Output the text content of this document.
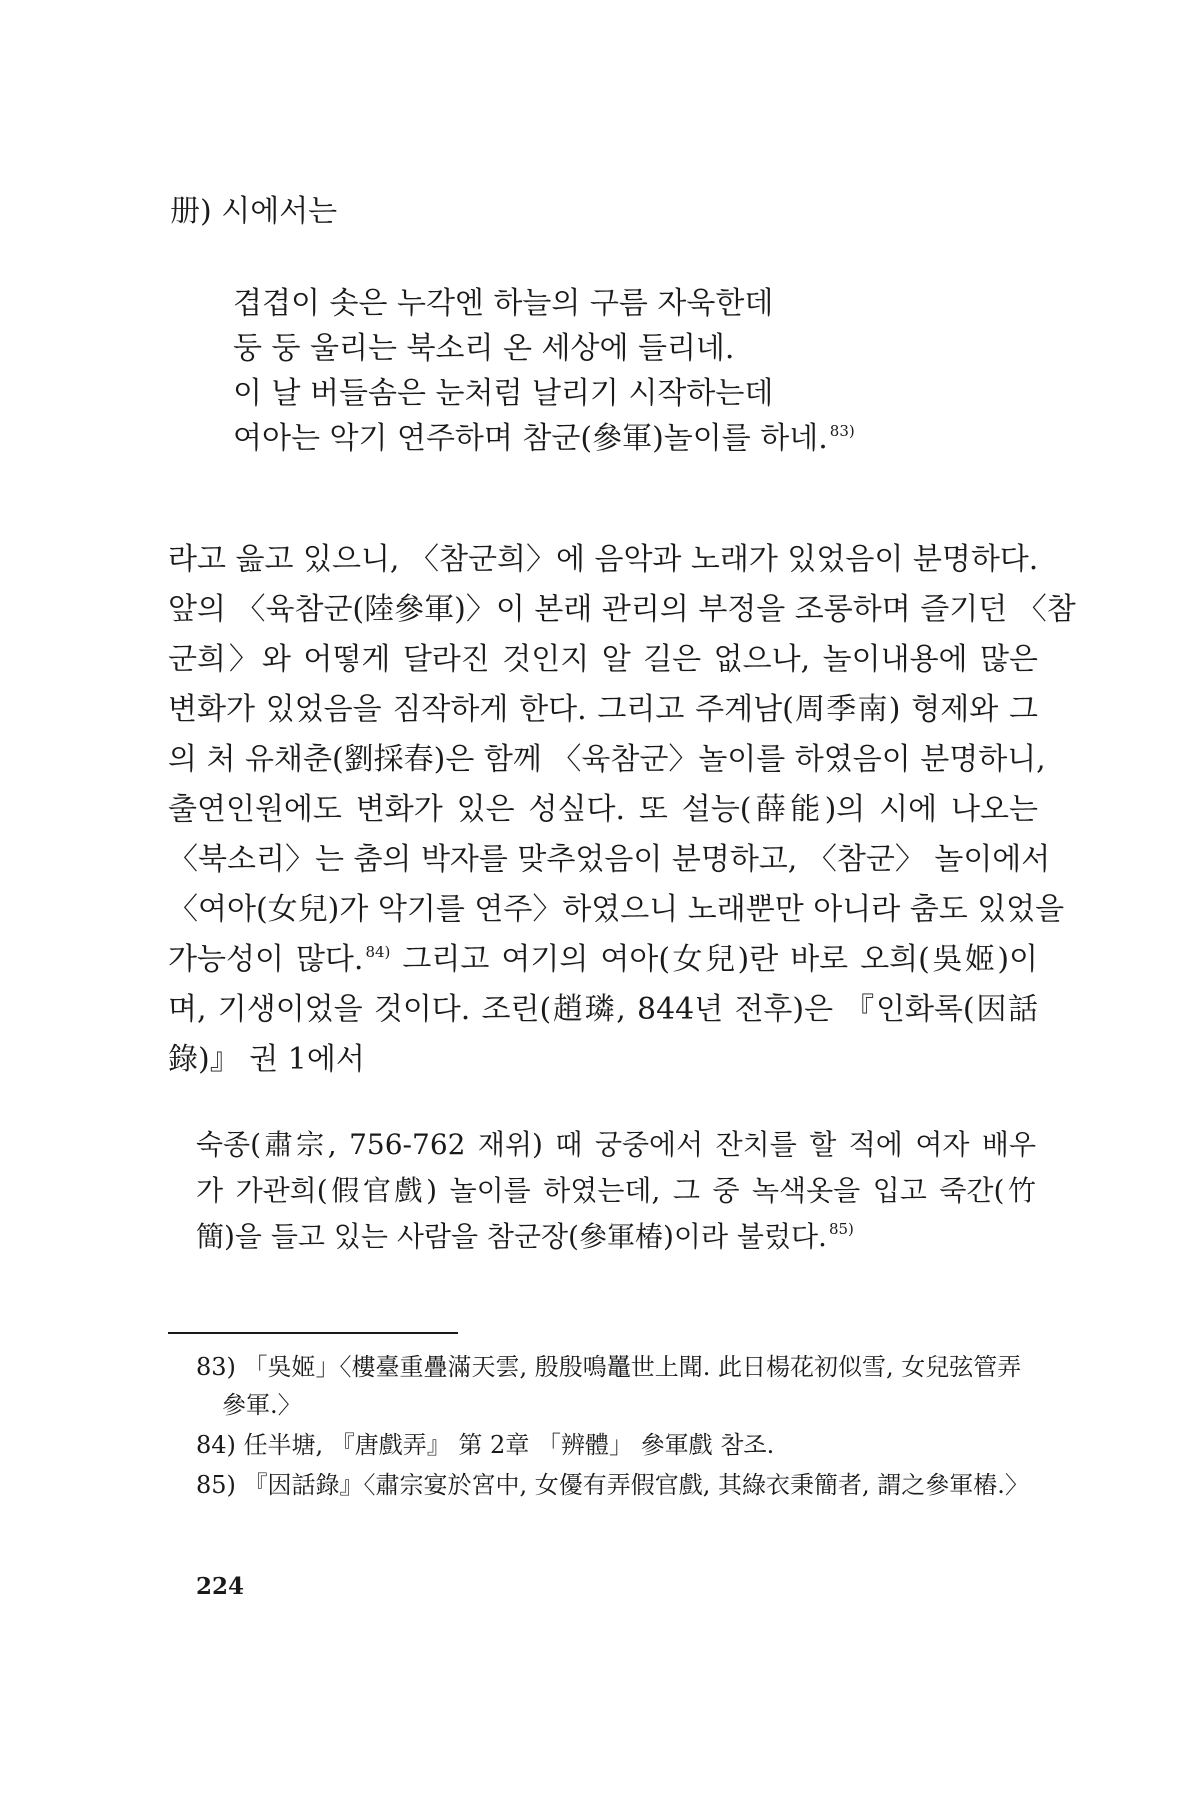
册) 시에서는
겹겹이 솟은 누각엔 하늘의 구름 자욱한데
둥 둥 울리는 북소리 온 세상에 들리네.
이 날 버들솜은 눈처럼 날리기 시작하는데
여아는 악기 연주하며 참군(參軍)놀이를 하네. $^{83)}$
라고 읊고 있으니, 〈참군희〉에 음악과 노래가 있었음이 분명하다.
앞의 〈육참군(陸參軍)〉이 본래 관리의 부정을 조롱하며 즐기던 〈참
군희〉와 어떻게 달라진 것인지 알 길은 없으나, 놀이내용에 많은
변화가 있었음을 짐작하게 한다. 그리고 주계남(周季南) 형제와 그
의 처 유채춘(劉採春)은 함께 〈육참군〉놀이를 하였음이 분명하니,
출연인원에도 변화가 있은 성싶다. 또 설능(薛能)의 시에 나오는
〈북소리〉는 춤의 박자를 맞추었음이 분명하고, 〈참군〉 놀이에서
〈여아(女兒)가 악기를 연주〉하였으니 노래뿐만 아니라 춤도 있었을
가능성이 많다. $^{84)}$ 그리고 여기의 여아(女兒)란 바로 오희(吳姬)이
며, 기생이었을 것이다. 조린(趙璘, 844년 전후)은 『인화록(因話
錄)』 권 1에서
숙종(肅宗, 756-762 재위) 때 궁중에서 잔치를 할 적에 여자 배우
가 가관희(假官戲) 놀이를 하였는데, 그 중 녹색옷을 입고 죽간(竹
簡)을 들고 있는 사람을 참군장(參軍椿)이라 불렀다. $^{85)}$
83) 「吳姬」〈樓臺重疊滿天雲, 殷殷鳴鼉世上聞. 此日楊花初似雪, 女兒弦管弄
參軍.〉
84) 任半塘, 『唐戲弄』 第 2章 「辨體」 參軍戲 참조.
85) 『因話錄』〈肅宗宴於宮中, 女優有弄假官戲, 其綠衣秉簡者, 謂之參軍樁.〉
224
